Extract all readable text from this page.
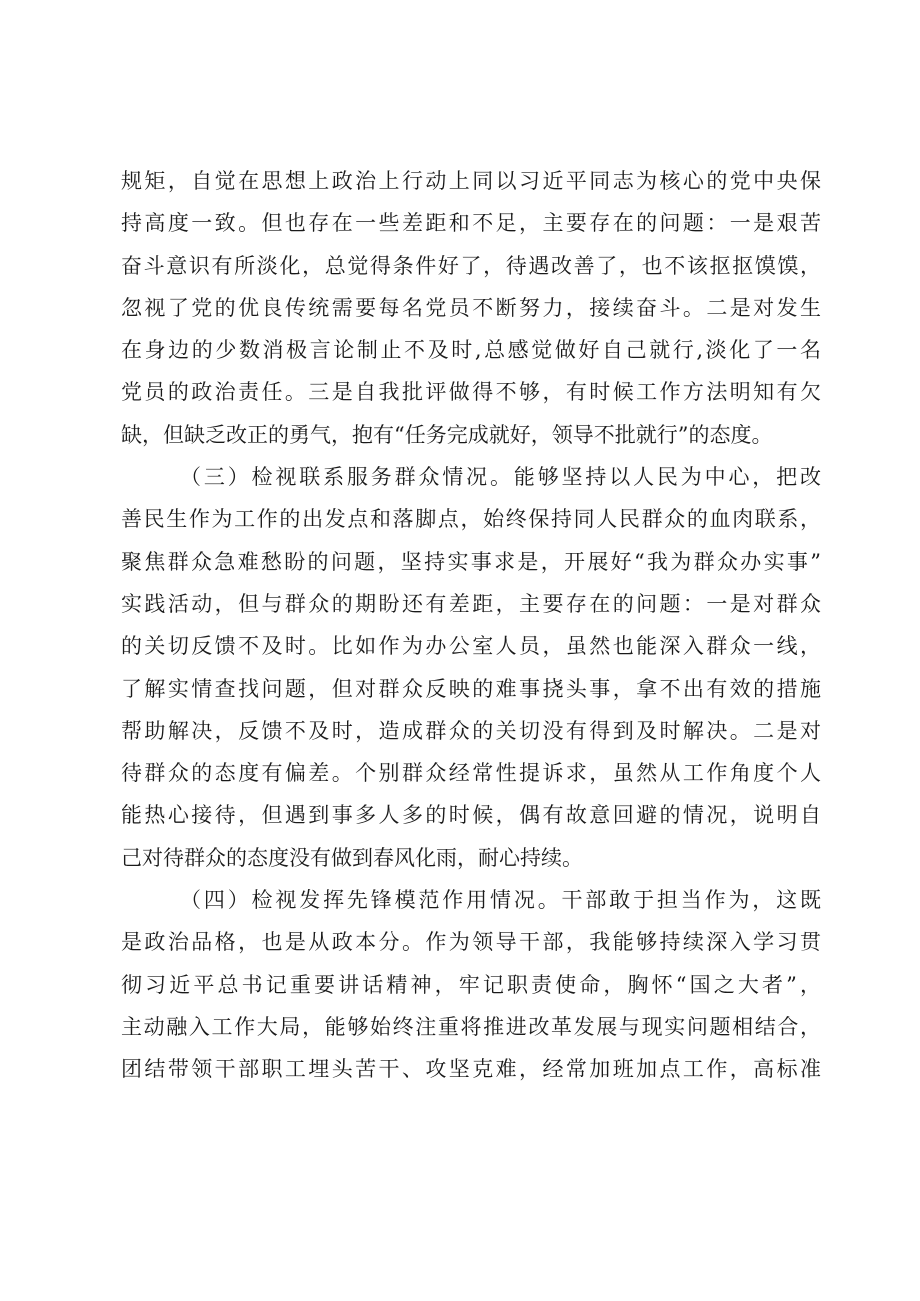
规矩，自觉在思想上政治上行动上同以习近平同志为核心的党中央保
持高度一致。但也存在一些差距和不足，主要存在的问题：一是艰苦
奋斗意识有所淡化，总觉得条件好了，待遇改善了，也不该抠抠馍馍，
忽视了党的优良传统需要每名党员不断努力，接续奋斗。二是对发生
在身边的少数消极言论制止不及时,总感觉做好自己就行,淡化了一名
党员的政治责任。三是自我批评做得不够，有时候工作方法明知有欠
缺，但缺乏改正的勇气，抱有“任务完成就好，领导不批就行”的态度。
（三）检视联系服务群众情况。能够坚持以人民为中心，把改
善民生作为工作的出发点和落脚点，始终保持同人民群众的血肉联系，
聚焦群众急难愁盼的问题，坚持实事求是，开展好“我为群众办实事”
实践活动，但与群众的期盼还有差距，主要存在的问题：一是对群众
的关切反馈不及时。比如作为办公室人员，虽然也能深入群众一线，
了解实情查找问题，但对群众反映的难事挠头事，拿不出有效的措施
帮助解决，反馈不及时，造成群众的关切没有得到及时解决。二是对
待群众的态度有偏差。个别群众经常性提诉求，虽然从工作角度个人
能热心接待，但遇到事多人多的时候，偶有故意回避的情况，说明自
己对待群众的态度没有做到春风化雨，耐心持续。
（四）检视发挥先锋模范作用情况。干部敢于担当作为，这既
是政治品格，也是从政本分。作为领导干部，我能够持续深入学习贯
彻习近平总书记重要讲话精神，牢记职责使命，胸怀“国之大者”，
主动融入工作大局，能够始终注重将推进改革发展与现实问题相结合，
团结带领干部职工埋头苦干、攻坚克难，经常加班加点工作，高标准
